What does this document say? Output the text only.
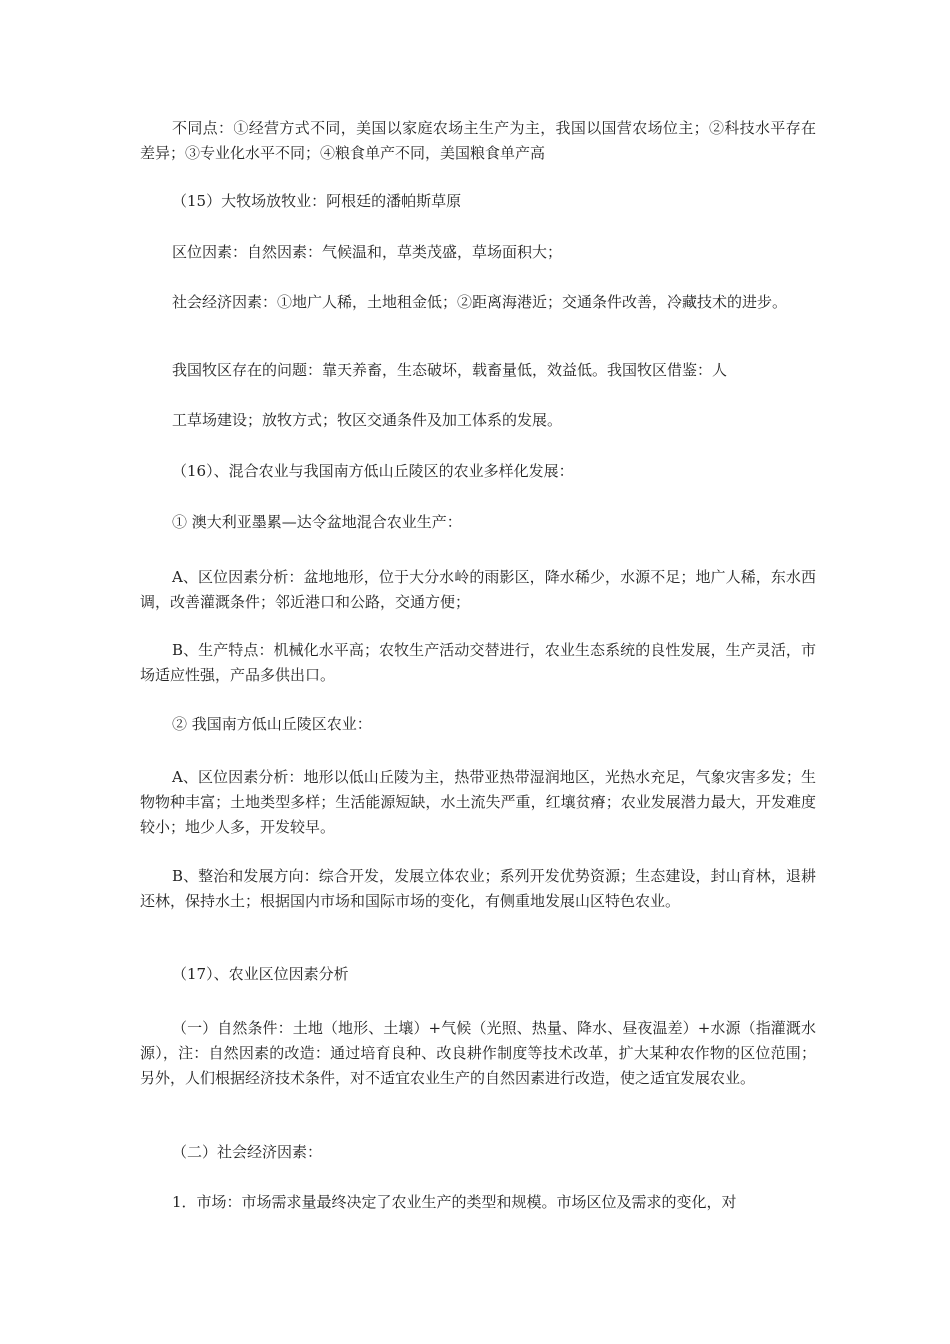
不同点：①经营方式不同，美国以家庭农场主生产为主，我国以国营农场位主；②科技水平存在差异；③专业化水平不同；④粮食单产不同，美国粮食单产高

（15）大牧场放牧业：阿根廷的潘帕斯草原

区位因素：自然因素：气候温和，草类茂盛，草场面积大；

社会经济因素：①地广人稀，土地租金低；②距离海港近；交通条件改善，冷藏技术的进步。

我国牧区存在的问题：靠天养畜，生态破坏，载畜量低，效益低。我国牧区借鉴：人

工草场建设；放牧方式；牧区交通条件及加工体系的发展。

（16）、混合农业与我国南方低山丘陵区的农业多样化发展：

① 澳大利亚墨累—达令盆地混合农业生产：

A、区位因素分析：盆地地形，位于大分水岭的雨影区，降水稀少，水源不足；地广人稀，东水西调，改善灌溉条件；邻近港口和公路，交通方便；

B、生产特点：机械化水平高；农牧生产活动交替进行，农业生态系统的良性发展，生产灵活，市场适应性强，产品多供出口。

② 我国南方低山丘陵区农业：

A、区位因素分析：地形以低山丘陵为主，热带亚热带湿润地区，光热水充足，气象灾害多发；生物物种丰富；土地类型多样；生活能源短缺，水土流失严重，红壤贫瘠；农业发展潜力最大，开发难度较小；地少人多，开发较早。

B、整治和发展方向：综合开发，发展立体农业；系列开发优势资源；生态建设，封山育林，退耕还林，保持水土；根据国内市场和国际市场的变化，有侧重地发展山区特色农业。

（17）、农业区位因素分析

（一）自然条件：土地（地形、土壤）+气候（光照、热量、降水、昼夜温差）+水源（指灌溉水源），注：自然因素的改造：通过培育良种、改良耕作制度等技术改革，扩大某种农作物的区位范围；另外，人们根据经济技术条件，对不适宜农业生产的自然因素进行改造，使之适宜发展农业。

（二）社会经济因素：

1．市场：市场需求量最终决定了农业生产的类型和规模。市场区位及需求的变化，对
